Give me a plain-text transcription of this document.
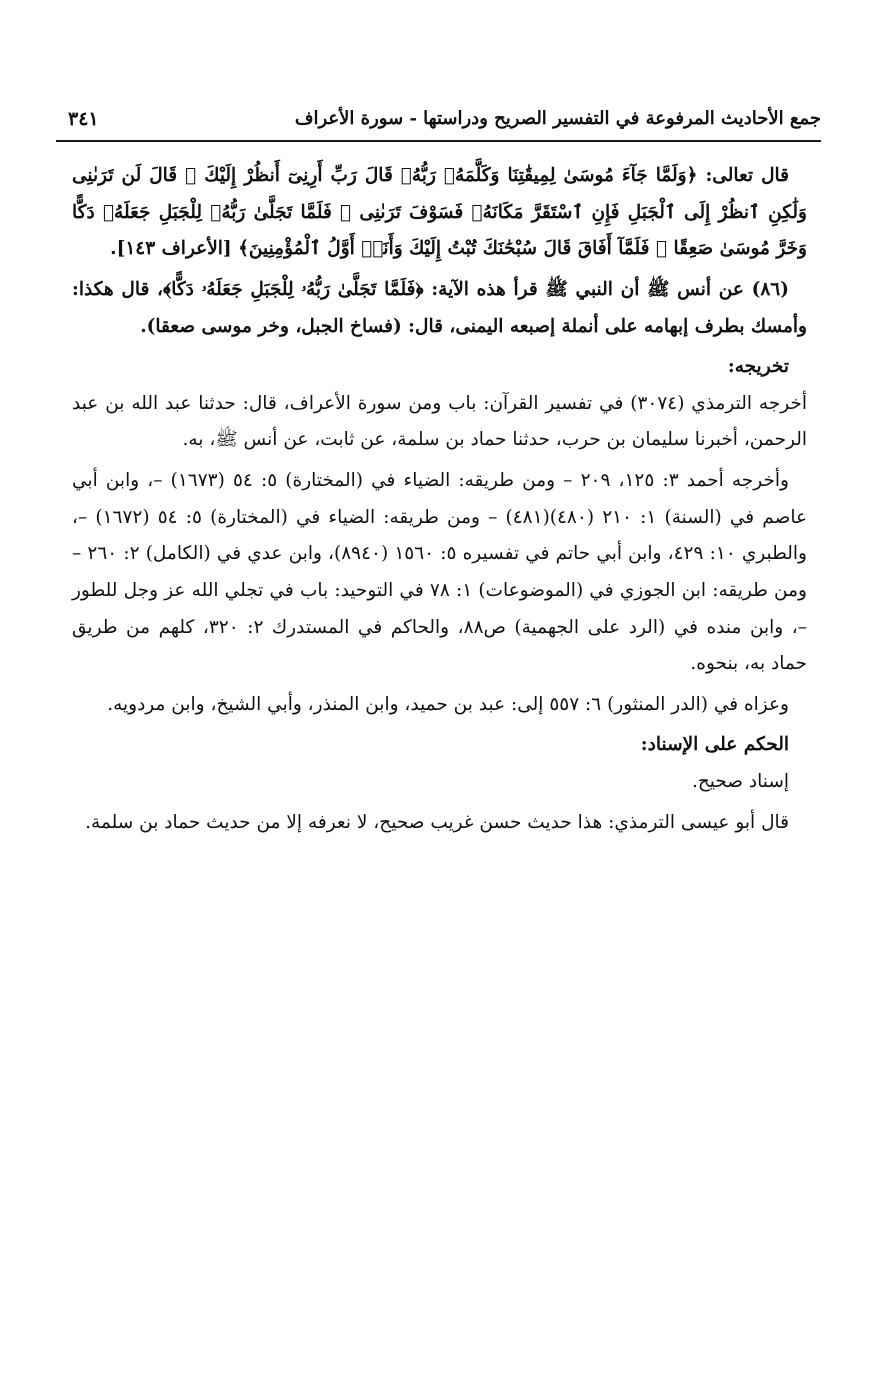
جمع الأحاديث المرفوعة في التفسير الصريح ودراستها - سورة الأعراف
٣٤١

قال تعالى: ﴿وَلَمَّا جَآءَ مُوسَىٰ لِمِيقَٰتِنَا وَكَلَّمَهُۥ رَبُّهُۥ قَالَ رَبِّ أَرِنِىٓ أَنظُرْ إِلَيْكَ ۚ قَالَ لَن تَرَىٰنِى وَلَٰكِنِ ٱنظُرْ إِلَى ٱلْجَبَلِ فَإِنِ ٱسْتَقَرَّ مَكَانَهُۥ فَسَوْفَ تَرَىٰنِى ۚ فَلَمَّا تَجَلَّىٰ رَبُّهُۥ لِلْجَبَلِ جَعَلَهُۥ دَكًّا وَخَرَّ مُوسَىٰ صَعِقًا ۚ فَلَمَّآ أَفَاقَ قَالَ سُبْحَٰنَكَ تُبْتُ إِلَيْكَ وَأَنَا۠ أَوَّلُ ٱلْمُؤْمِنِينَ﴾ [الأعراف ١٤٣].

(٨٦) عن أنس ﷺ أن النبي ﷺ قرأ هذه الآية: ﴿فَلَمَّا تَجَلَّىٰ رَبُّهُۥ لِلْجَبَلِ جَعَلَهُۥ دَكًّا﴾، قال هكذا: وأمسك بطرف إبهامه على أنملة إصبعه اليمنى، قال: (فساخ الجبل، وخر موسى صعقا).

تخريجه:

أخرجه الترمذي (٣٠٧٤) في تفسير القرآن: باب ومن سورة الأعراف، قال: حدثنا عبد الله بن عبد الرحمن، أخبرنا سليمان بن حرب، حدثنا حماد بن سلمة، عن ثابت، عن أنس ﷺ، به.

وأخرجه أحمد ٣: ١٢٥، ٢٠٩ – ومن طريقه: الضياء في (المختارة) ٥: ٥٤ (١٦٧٣) –، وابن أبي عاصم في (السنة) ١: ٢١٠ (٤٨٠)(٤٨١) – ومن طريقه: الضياء في (المختارة) ٥: ٥٤ (١٦٧٢) –، والطبري ١٠: ٤٢٩، وابن أبي حاتم في تفسيره ٥: ١٥٦٠ (٨٩٤٠)، وابن عدي في (الكامل) ٢: ٢٦٠ – ومن طريقه: ابن الجوزي في (الموضوعات) ١: ٧٨ في التوحيد: باب في تجلي الله عز وجل للطور –، وابن منده في (الرد على الجهمية) ص٨٨، والحاكم في المستدرك ٢: ٣٢٠، كلهم من طريق حماد به، بنحوه.

وعزاه في (الدر المنثور) ٦: ٥٥٧ إلى: عبد بن حميد، وابن المنذر، وأبي الشيخ، وابن مردويه.

الحكم على الإسناد:

إسناد صحيح.

قال أبو عيسى الترمذي: هذا حديث حسن غريب صحيح، لا نعرفه إلا من حديث حماد بن سلمة.
